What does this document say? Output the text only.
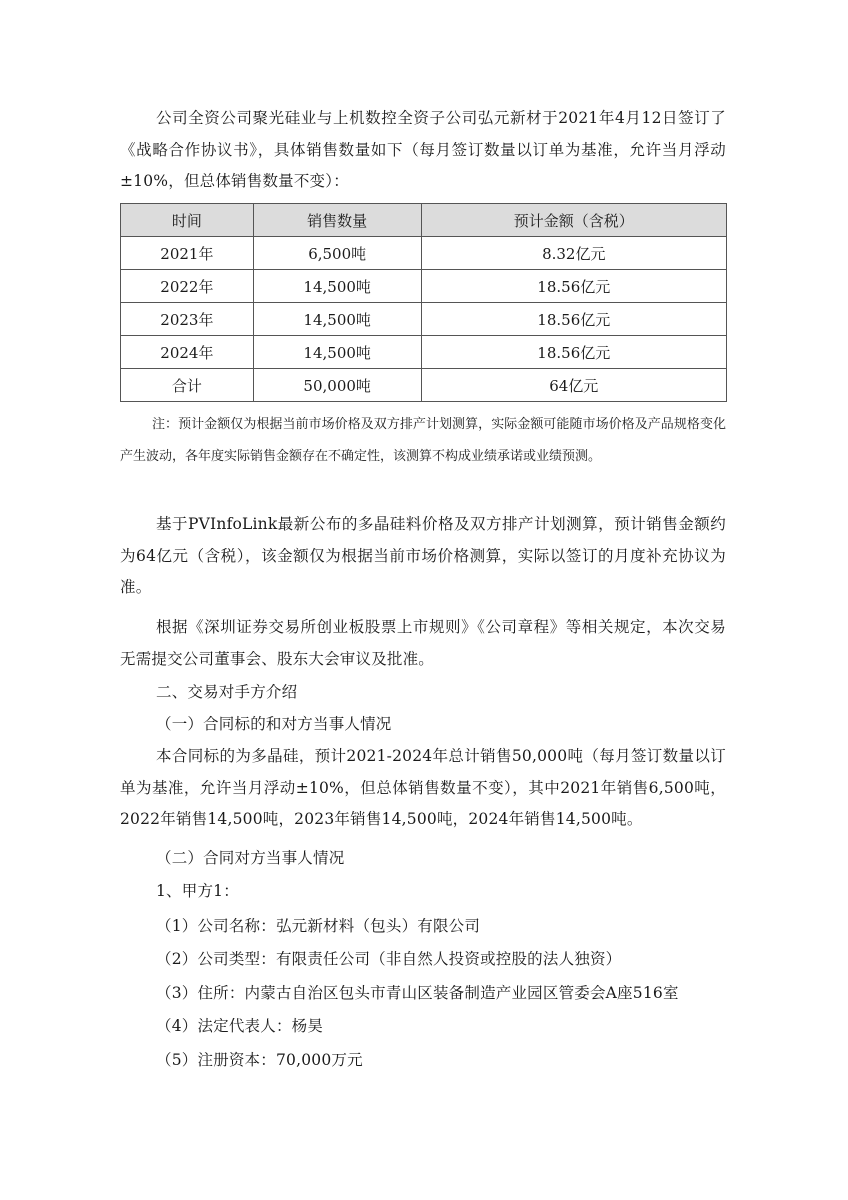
公司全资公司聚光硅业与上机数控全资子公司弘元新材于2021年4月12日签订了《战略合作协议书》，具体销售数量如下（每月签订数量以订单为基准，允许当月浮动±10%，但总体销售数量不变）：

时间	销售数量	预计金额（含税）
2021年	6,500吨	8.32亿元
2022年	14,500吨	18.56亿元
2023年	14,500吨	18.56亿元
2024年	14,500吨	18.56亿元
合计	50,000吨	64亿元

注：预计金额仅为根据当前市场价格及双方排产计划测算，实际金额可能随市场价格及产品规格变化产生波动，各年度实际销售金额存在不确定性，该测算不构成业绩承诺或业绩预测。

基于PVInfoLink最新公布的多晶硅料价格及双方排产计划测算，预计销售金额约为64亿元（含税），该金额仅为根据当前市场价格测算，实际以签订的月度补充协议为准。

根据《深圳证券交易所创业板股票上市规则》《公司章程》等相关规定，本次交易无需提交公司董事会、股东大会审议及批准。

二、交易对手方介绍

（一）合同标的和对方当事人情况

本合同标的为多晶硅，预计2021-2024年总计销售50,000吨（每月签订数量以订单为基准，允许当月浮动±10%，但总体销售数量不变），其中2021年销售6,500吨，2022年销售14,500吨，2023年销售14,500吨，2024年销售14,500吨。

（二）合同对方当事人情况

1、甲方1：

（1）公司名称：弘元新材料（包头）有限公司

（2）公司类型：有限责任公司（非自然人投资或控股的法人独资）

（3）住所：内蒙古自治区包头市青山区装备制造产业园区管委会A座516室

（4）法定代表人：杨昊

（5）注册资本：70,000万元
